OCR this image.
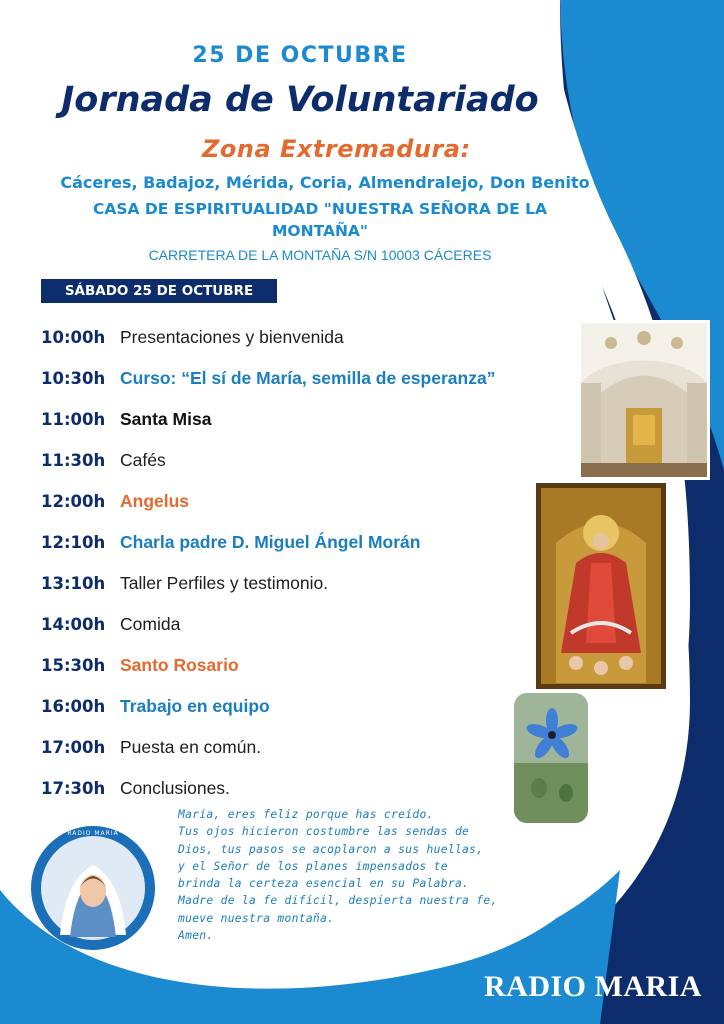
25 DE OCTUBRE
Jornada de Voluntariado
Zona Extremadura:
Cáceres, Badajoz, Mérida, Coria, Almendralejo, Don Benito
CASA DE ESPIRITUALIDAD "NUESTRA SEÑORA DE LA
MONTAÑA"
CARRETERA DE LA MONTAÑA S/N 10003 CÁCERES
SÁBADO 25 DE OCTUBRE
10:00h Presentaciones y bienvenida
10:30h Curso: “El sí de María, semilla de esperanza”
11:00h Santa Misa
11:30h Cafés
12:00h Angelus
12:10h Charla padre D. Miguel Ángel Morán
13:10h Taller Perfiles y testimonio.
14:00h Comida
15:30h Santo Rosario
16:00h Trabajo en equipo
17:00h Puesta en común.
17:30h Conclusiones.
María, eres feliz porque has creído.
Tus ojos hicieron costumbre las sendas de
Dios, tus pasos se acoplaron a sus huellas,
y el Señor de los planes impensados te
brinda la certeza esencial en su Palabra.
Madre de la fe difícil, despierta nuestra fe,
mueve nuestra montaña.
Amen.
RADIO MARIA
RADIO MARIA
